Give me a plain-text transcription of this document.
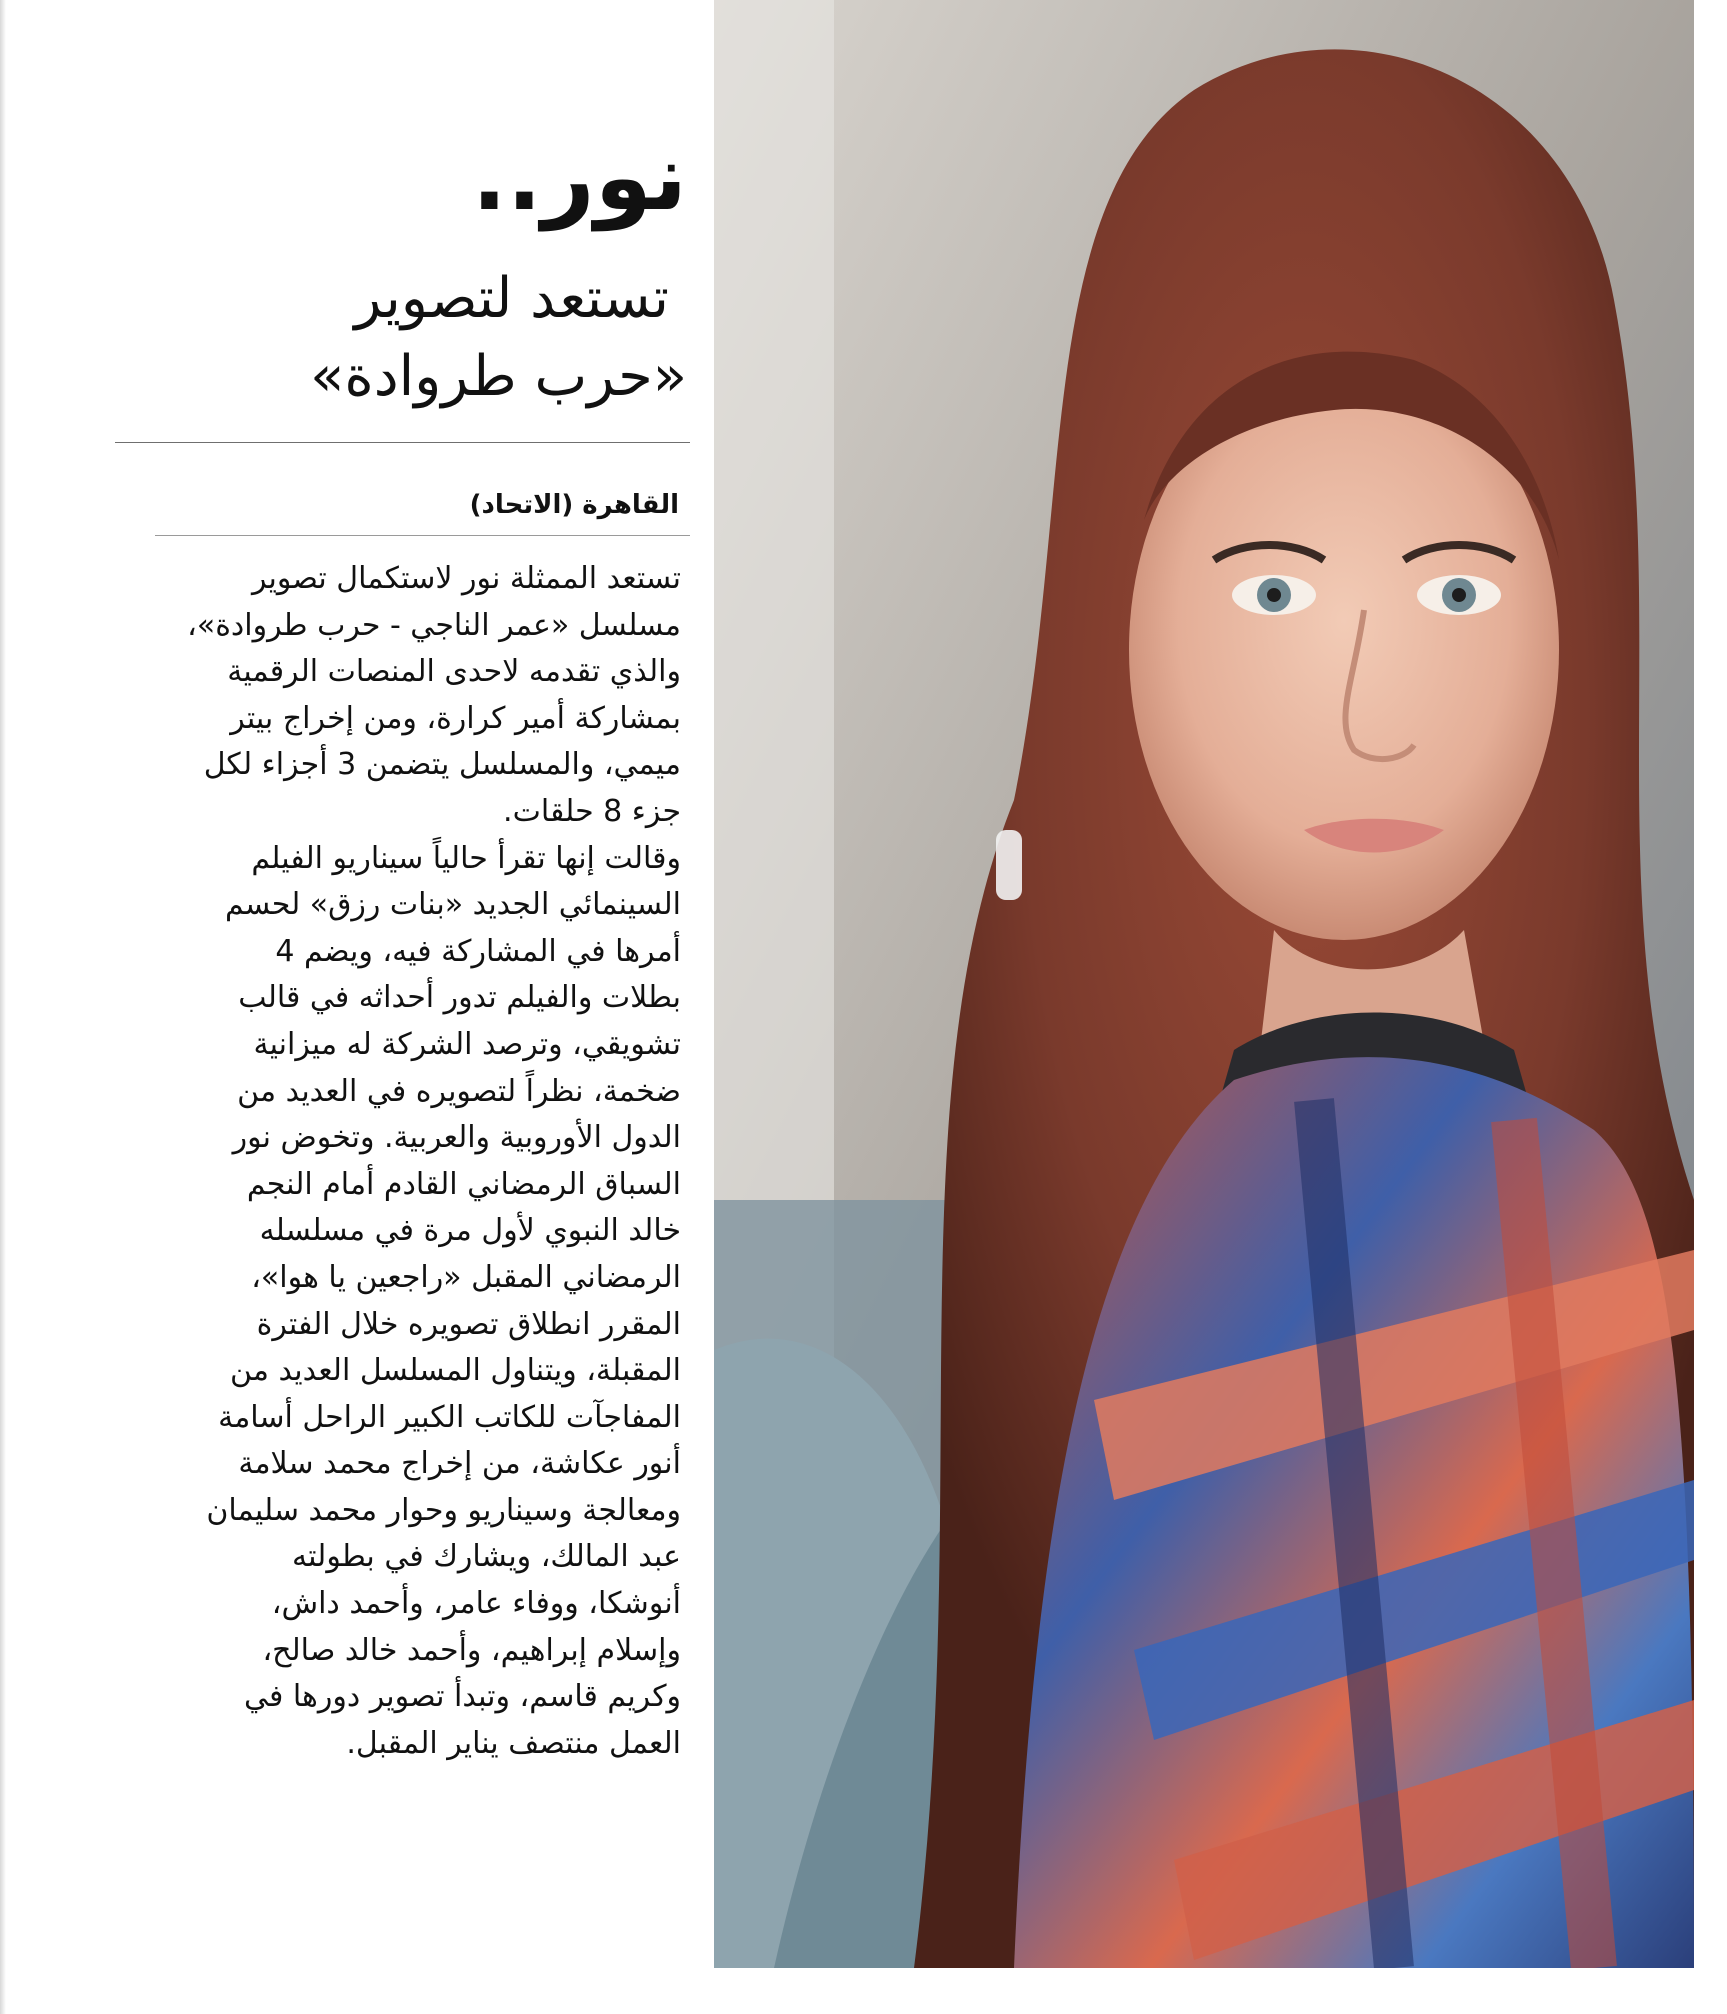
نور..

تستعد لتصوير

«حرب طروادة»

القاهرة (الاتحاد)

تستعد الممثلة نور لاستكمال تصوير
مسلسل «عمر الناجي - حرب طروادة»،
والذي تقدمه لاحدى المنصات الرقمية
بمشاركة أمير كرارة، ومن إخراج بيتر
ميمي، والمسلسل يتضمن 3 أجزاء لكل
جزء 8 حلقات.
وقالت إنها تقرأ حالياً سيناريو الفيلم
السينمائي الجديد «بنات رزق» لحسم
أمرها في المشاركة فيه، ويضم 4
بطلات والفيلم تدور أحداثه في قالب
تشويقي، وترصد الشركة له ميزانية
ضخمة، نظراً لتصويره في العديد من
الدول الأوروبية والعربية. وتخوض نور
السباق الرمضاني القادم أمام النجم
خالد النبوي لأول مرة في مسلسله
الرمضاني المقبل «راجعين يا هوا»،
المقرر انطلاق تصويره خلال الفترة
المقبلة، ويتناول المسلسل العديد من
المفاجآت للكاتب الكبير الراحل أسامة
أنور عكاشة، من إخراج محمد سلامة
ومعالجة وسيناريو وحوار محمد سليمان
عبد المالك، ويشارك في بطولته
أنوشكا، ووفاء عامر، وأحمد داش،
وإسلام إبراهيم، وأحمد خالد صالح،
وكريم قاسم، وتبدأ تصوير دورها في
العمل منتصف يناير المقبل.
